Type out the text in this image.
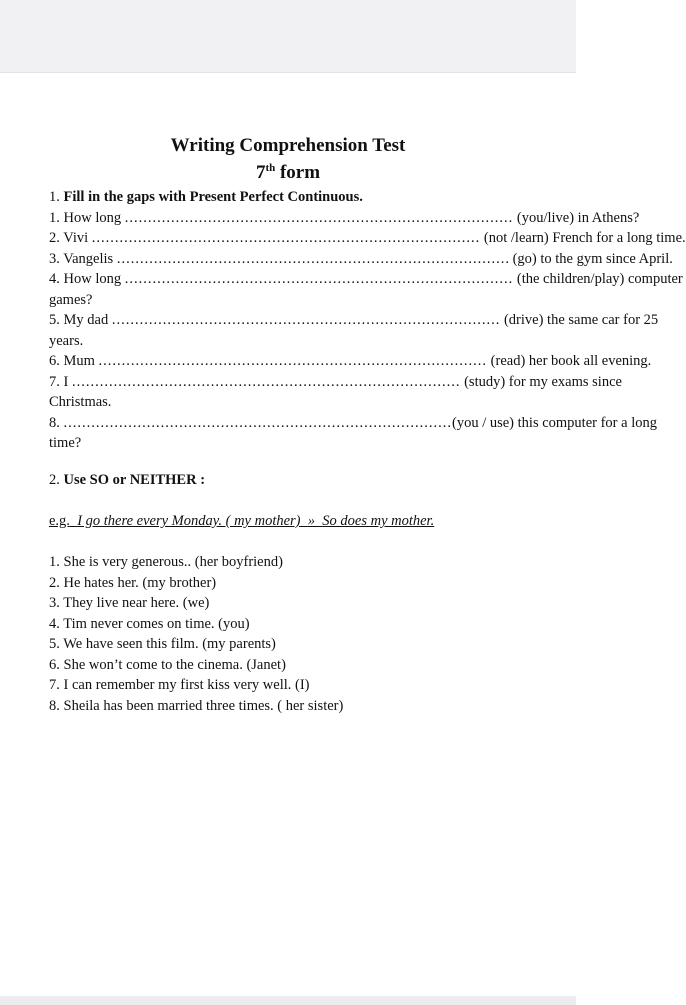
Writing Comprehension Test
7th form
1.
Fill in the gaps with Present Perfect Continuous.
1. How long
....................................................................................
(you/live) in Athens?
2. Vivi
....................................................................................
(not /learn) French for a long time.
3. Vangelis
.................................................................................... . (go) to the gym since April.
4. How long
....................................................................................
(the children/play) computer
games?
5. My dad
....................................................................................
(drive) the same car for 25
years.
6. Mum
....................................................................................
(read) her book all evening.
7. I
....................................................................................
(study) for my exams since
Christmas.
8.
.................................................................................... (you / use) this computer for a long
time?
2.
Use SO or NEITHER :
e.g.
I go there every Monday. ( my mother)
»
So does my mother.
1. She is very generous.. (her boyfriend)
2. He hates her. (my brother)
3. They live near here. (we)
4. Tim never comes on time. (you)
5. We have seen this film. (my parents)
6. She won’t come to the cinema. (Janet)
7. I can remember my first kiss very well. (I)
8. Sheila has been married three times. ( her sister)
